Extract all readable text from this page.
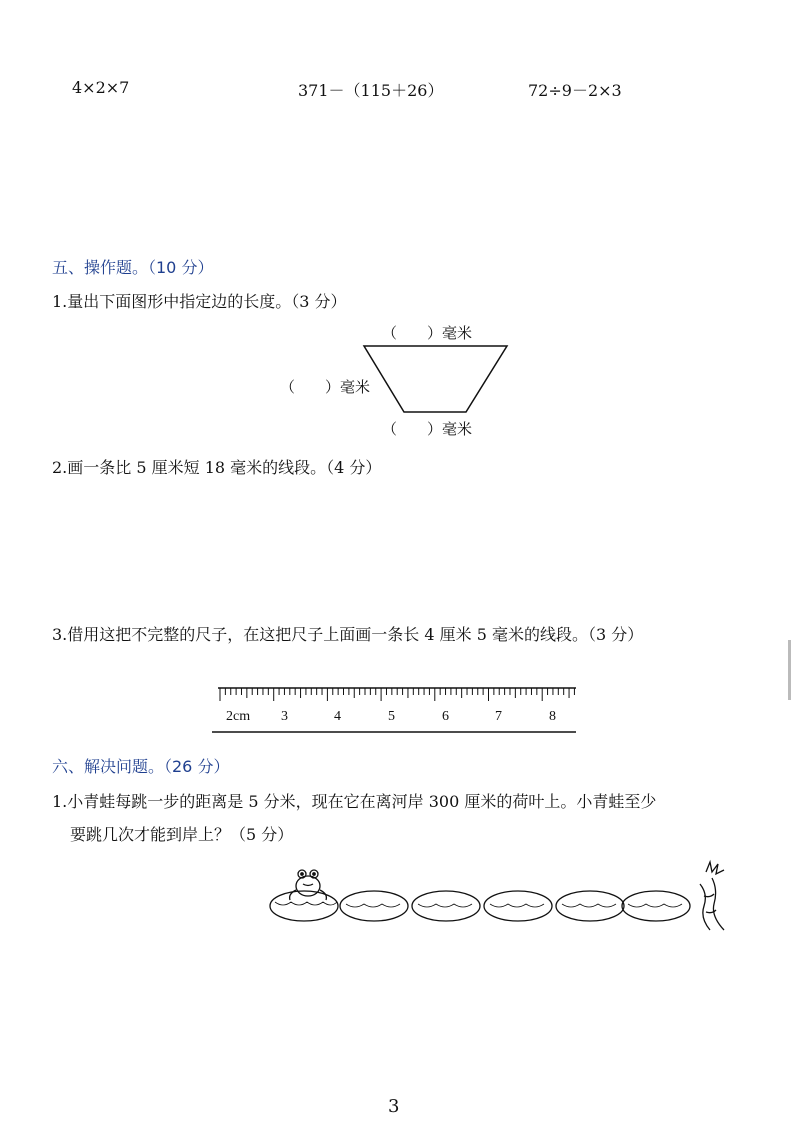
4×2×7	371－（115＋26）	72÷9－2×3
五、操作题。（10 分）
1.量出下面图形中指定边的长度。（3 分）
（　　）毫米
（　　）毫米
（　　）毫米
2.画一条比 5 厘米短 18 毫米的线段。（4 分）
3.借用这把不完整的尺子，在这把尺子上面画一条长 4 厘米 5 毫米的线段。（3 分）
2cm 3	4	5	6	7	8
六、解决问题。（26 分）
1.小青蛙每跳一步的距离是 5 分米，现在它在离河岸 300 厘米的荷叶上。小青蛙至少
要跳几次才能到岸上？（5 分）
3
